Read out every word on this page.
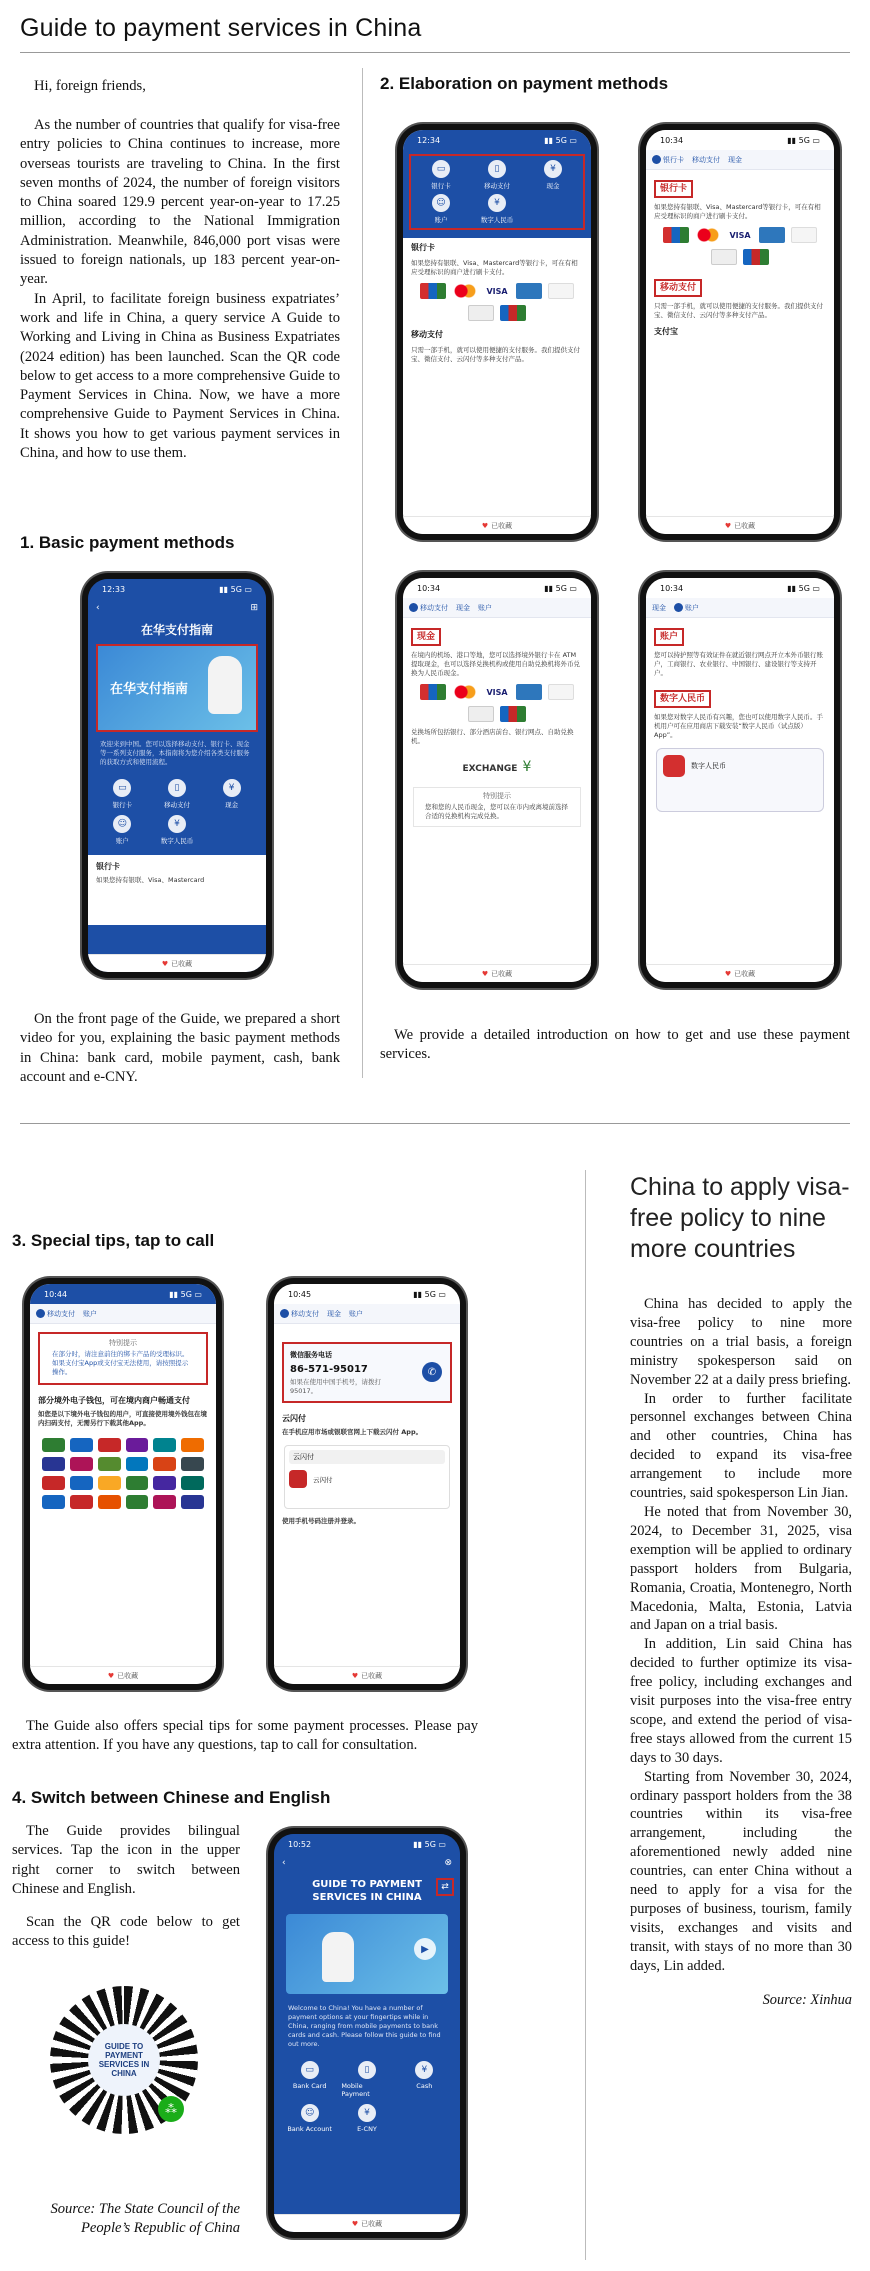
Guide to payment services in China

Hi, foreign friends,

As the number of countries that qualify for visa-free entry policies to China continues to increase, more overseas tourists are traveling to China. In the first seven months of 2024, the number of foreign visitors to China soared 129.9 percent year-on-year to 17.25 million, according to the National Immigration Administration. Meanwhile, 846,000 port visas were issued to foreign nationals, up 183 percent year-on-year.

In April, to facilitate foreign business expatriates’ work and life in China, a query service A Guide to Working and Living in China as Business Expatriates (2024 edition) has been launched. Scan the QR code below to get access to a more comprehensive Guide to Payment Services in China. Now, we have a more comprehensive Guide to Payment Services in China. It shows you how to get various payment services in China, and how to use them.

1. Basic payment methods
12:33	▮▮ 5G ▭
‹	⊞
在华支付指南
在华支付指南
欢迎来到中国。您可以选择移动支付、银行卡、现金等一系列支付服务，本指南将为您介绍各类支付服务的获取方式和使用流程。
▭
银行卡
▯
移动支付
¥
现金
☺
账户
¥
数字人民币
银行卡
如果您持有银联、Visa、Mastercard
♥ 已收藏

On the front page of the Guide, we prepared a short video for you, explaining the basic payment methods in China: bank card, mobile payment, cash, bank account and e-CNY.

2. Elaboration on payment methods
12:34	▮▮ 5G ▭
▭
银行卡
▯
移动支付
¥
现金
☺
账户
¥
数字人民币
银行卡
如果您持有银联、Visa、Mastercard等银行卡，可在有相应受理标识的商户进行刷卡支付。
VISA
移动支付
只需一部手机，就可以使用便捷的支付服务。我们提供支付宝、微信支付、云闪付等多种支付产品。
♥ 已收藏
10:34	▮▮ 5G ▭
银行卡 移动支付 现金
银行卡
如果您持有银联、Visa、Mastercard等银行卡，可在有相应受理标识的商户进行刷卡支付。
VISA
移动支付
只需一部手机，就可以使用便捷的支付服务。我们提供支付宝、微信支付、云闪付等多种支付产品。
支付宝
♥ 已收藏
10:34	▮▮ 5G ▭
移动支付 现金 账户
现金
在境内的机场、港口等地，您可以选择境外银行卡在 ATM 提取现金，也可以选择兑换机构或使用自助兑换机将外币兑换为人民币现金。
VISA
兑换场所包括银行、部分酒店前台、银行网点、自助兑换机。
EXCHANGE ¥
特别提示
您和您的人民币现金，您可以在市内或离境前选择合适的兑换机构完成兑换。
♥ 已收藏
10:34	▮▮ 5G ▭
现金	账户
账户
您可以持护照等有效证件在就近银行网点开立本外币银行账户，工商银行、农业银行、中国银行、建设银行等支持开户。
数字人民币
如果您对数字人民币有兴趣，您也可以使用数字人民币。手机用户可在应用商店下载安装“数字人民币（试点版）App”。
数字人民币
♥ 已收藏

We provide a detailed introduction on how to get and use these payment services.

3. Special tips, tap to call
10:44	▮▮ 5G ▭
移动支付 账户
特别提示
在部分时，请注意前往的绑卡产品的受理标识。如果支付宝App或支付宝无法使用，请按照提示操作。
部分境外电子钱包，可在境内商户畅通支付
如您是以下境外电子钱包的用户，可直接使用境外钱包在境内扫码支付，无需另行下载其他App。
♥ 已收藏
10:45	▮▮ 5G ▭
移动支付 现金 账户
微信服务电话
86-571-95017
如果在使用中国手机号，请拨打95017。
✆
云闪付
在手机应用市场或银联官网上下载云闪付 App。
云闪付
云闪付
使用手机号码注册并登录。
♥ 已收藏

The Guide also offers special tips for some payment processes. Please pay extra attention. If you have any questions, tap to call for consultation.

4. Switch between Chinese and English

The Guide provides bilingual services. Tap the icon in the upper right corner to switch between Chinese and English.

Scan the QR code below to get access to this guide!

GUIDE TO PAYMENT SERVICES IN CHINA
⁂
Source: The State Council of the People’s Republic of China
10:52	▮▮ 5G ▭
‹	⊗
GUIDE TO PAYMENT SERVICES IN CHINA
⇄
▶
Welcome to China! You have a number of payment options at your fingertips while in China, ranging from mobile payments to bank cards and cash. Please follow this guide to find out more.
▭
Bank Card
▯
Mobile Payment
¥
Cash
☺
Bank Account
¥
E-CNY
♥ 已收藏
China to apply visa-free policy to nine more countries

China has decided to apply the visa-free policy to nine more countries on a trial basis, a foreign ministry spokesperson said on November 22 at a daily press briefing.

In order to further facilitate personnel exchanges between China and other countries, China has decided to expand its visa-free arrangement to include more countries, said spokesperson Lin Jian.

He noted that from November 30, 2024, to December 31, 2025, visa exemption will be applied to ordinary passport holders from Bulgaria, Romania, Croatia, Montenegro, North Macedonia, Malta, Estonia, Latvia and Japan on a trial basis.

In addition, Lin said China has decided to further optimize its visa-free policy, including exchanges and visit purposes into the visa-free entry scope, and extend the period of visa-free stays allowed from the current 15 days to 30 days.

Starting from November 30, 2024, ordinary passport holders from the 38 countries within its visa-free arrangement, including the aforementioned newly added nine countries, can enter China without a need to apply for a visa for the purposes of business, tourism, family visits, exchanges and visits and transit, with stays of no more than 30 days, Lin added.

Source: Xinhua
